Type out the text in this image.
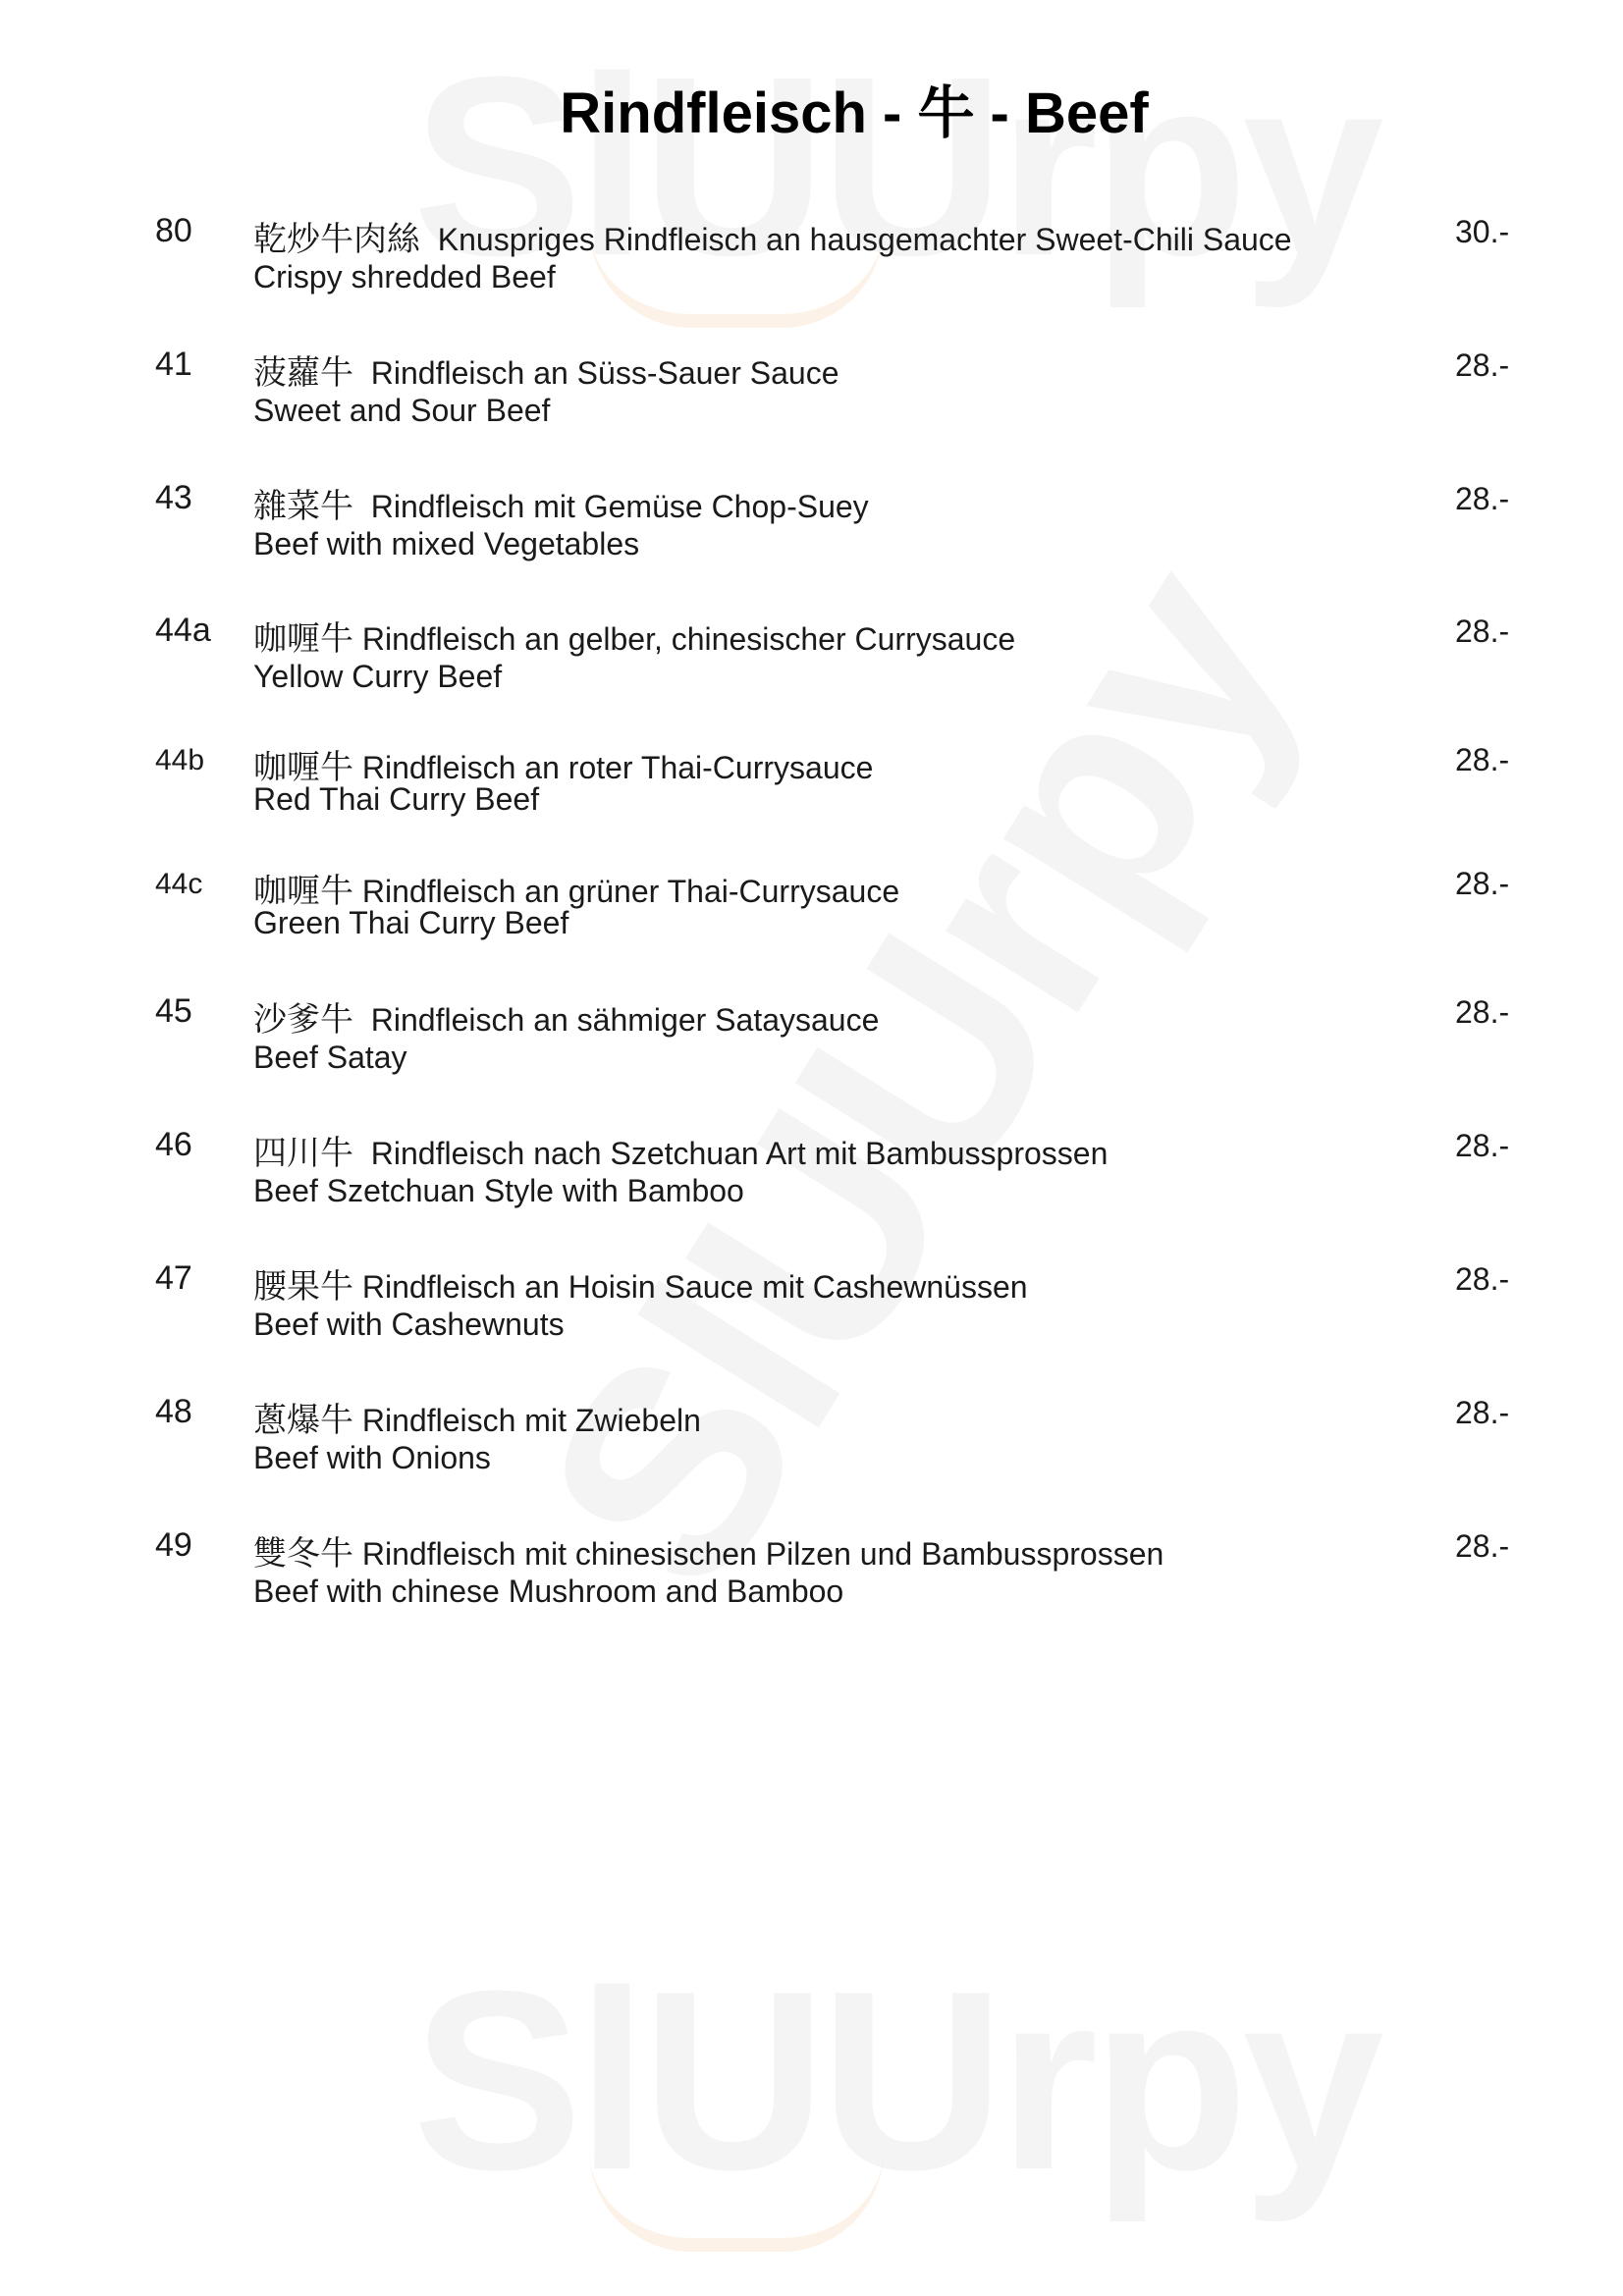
Rindfleisch - 牛 - Beef
80 乾炒牛肉絲 Knuspriges Rindfleisch an hausgemachter Sweet-Chili Sauce
Crispy shredded Beef
30.-
41 菠蘿牛 Rindfleisch an Süss-Sauer Sauce
Sweet and Sour Beef
28.-
43 雜菜牛 Rindfleisch mit Gemüse Chop-Suey
Beef with mixed Vegetables
28.-
44a 咖喱牛 Rindfleisch an gelber, chinesischer Currysauce
Yellow Curry Beef
28.-
44b 咖喱牛 Rindfleisch an roter Thai-Currysauce
Red Thai Curry Beef
28.-
44c 咖喱牛 Rindfleisch an grüner Thai-Currysauce
Green Thai Curry Beef
28.-
45 沙爹牛 Rindfleisch an sähmiger Sataysauce
Beef Satay
28.-
46 四川牛 Rindfleisch nach Szetchuan Art mit Bambussprossen
Beef Szetchuan Style with Bamboo
28.-
47 腰果牛 Rindfleisch an Hoisin Sauce mit Cashewnüssen
Beef with Cashewnuts
28.-
48 蔥爆牛 Rindfleisch mit Zwiebeln
Beef with Onions
28.-
49 雙冬牛 Rindfleisch mit chinesischen Pilzen und Bambussprossen
Beef with chinese Mushroom and Bamboo
28.-
